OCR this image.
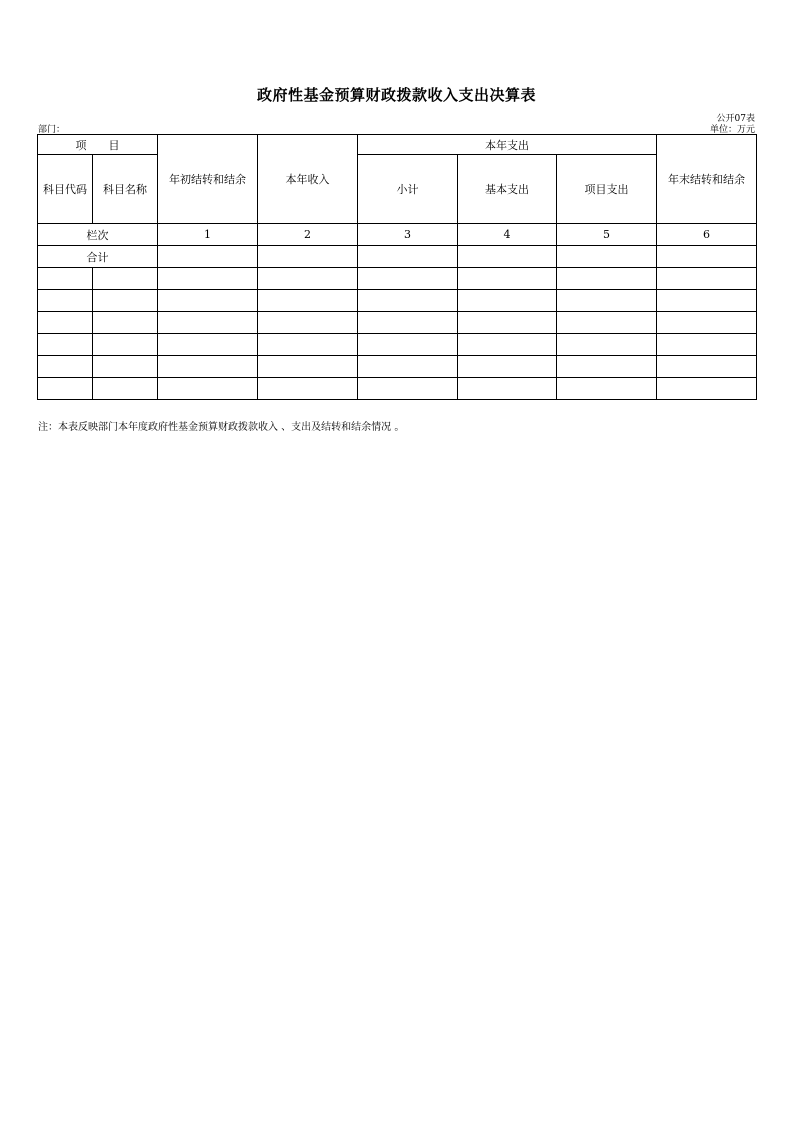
政府性基金预算财政拨款收入支出决算表
公开07表
部门：	单位：万元
项　　目		年初结转和结余	本年收入	本年支出			年末结转和结余
科目代码	科目名称			小计	基本支出	项目支出	
栏次		1	2	3	4	5	6
合计							

注：本表反映部门本年度政府性基金预算财政拨款收入 、支出及结转和结余情况 。
